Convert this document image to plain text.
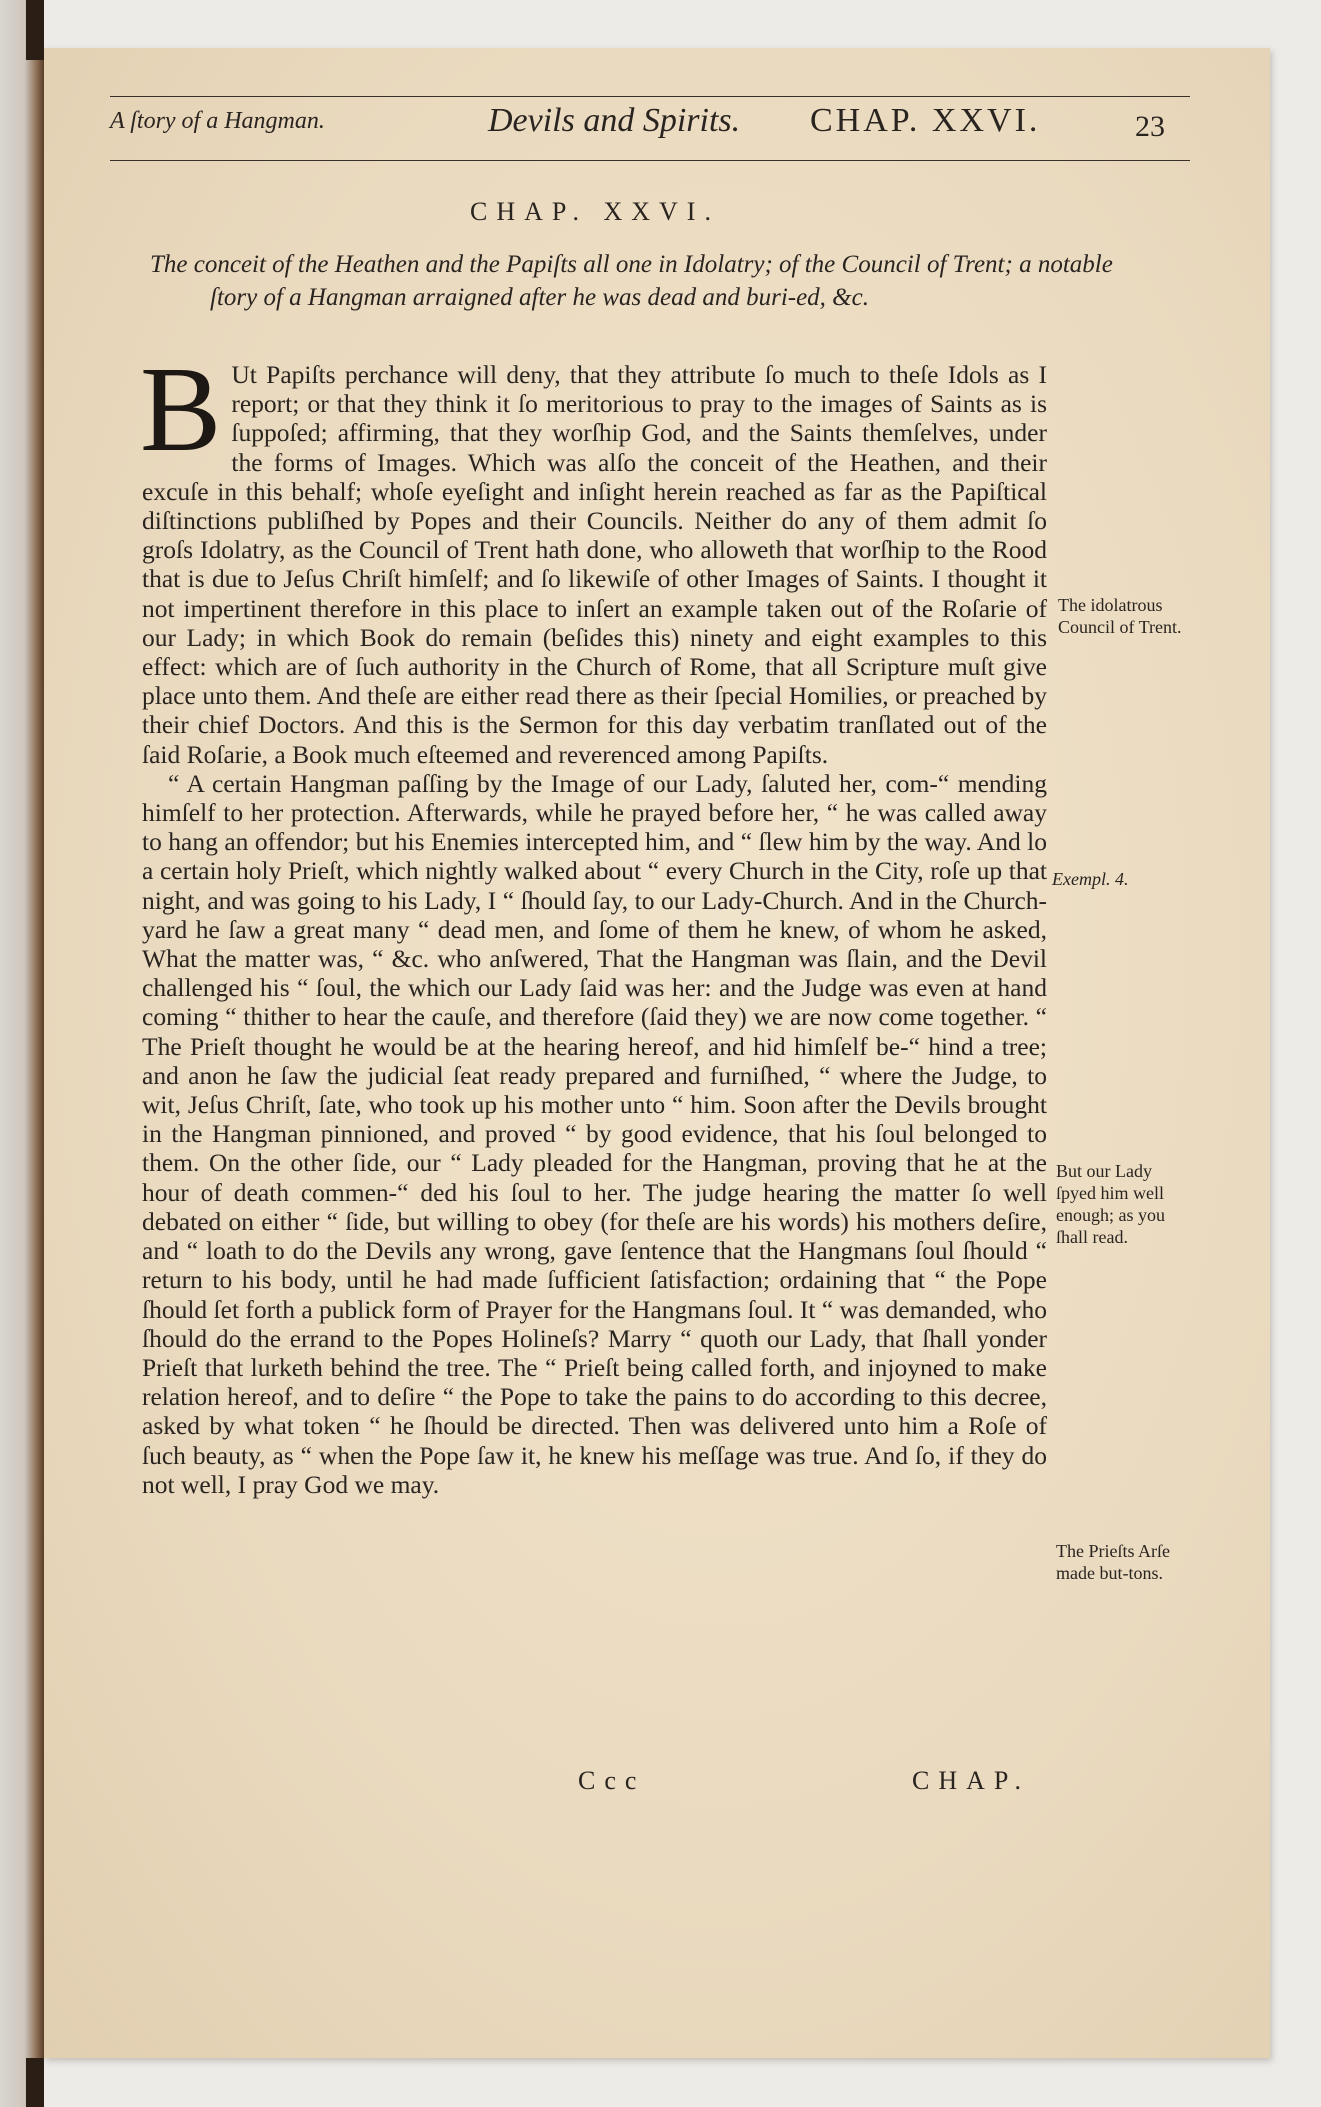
A ſtory of a Hangman.	Devils and Spirits. CHAP. XXVI.	23
CHAP. XXVI.
The conceit of the Heathen and the Papiſts all one in Idolatry; of the Council of Trent; a notable ſtory of a Hangman arraigned after he was dead and buri-ed, &c.
B Ut Papiſts perchance will deny, that they attribute ſo much to theſe Idols as I report; or that they think it ſo meritorious to pray to the images of Saints as is ſuppoſed; affirming, that they worſhip God, and the Saints themſelves, under the forms of Images. Which was alſo the conceit of the Heathen, and their excuſe in this behalf; whoſe eyeſight and inſight herein reached as far as the Papiſtical diſtinctions publiſhed by Popes and their Councils. Neither do any of them admit ſo groſs Idolatry, as the Council of Trent hath done, who alloweth that worſhip to the Rood that is due to Jeſus Chriſt himſelf; and ſo likewiſe of other Images of Saints. I thought it not impertinent therefore in this place to inſert an example taken out of the Roſarie of our Lady; in which Book do remain (beſides this) ninety and eight examples to this effect: which are of ſuch authority in the Church of Rome, that all Scripture muſt give place unto them. And theſe are either read there as their ſpecial Homilies, or preached by their chief Doctors. And this is the Sermon for this day verbatim tranſlated out of the ſaid Roſarie, a Book much eſteemed and reverenced among Papiſts.

“ A certain Hangman paſſing by the Image of our Lady, ſaluted her, com-“ mending himſelf to her protection. Afterwards, while he prayed before her, “ he was called away to hang an offendor; but his Enemies intercepted him, and “ ſlew him by the way. And lo a certain holy Prieſt, which nightly walked about “ every Church in the City, roſe up that night, and was going to his Lady, I “ ſhould ſay, to our Lady-Church. And in the Church-yard he ſaw a great many “ dead men, and ſome of them he knew, of whom he asked, What the matter was, “ &c. who anſwered, That the Hangman was ſlain, and the Devil challenged his “ ſoul, the which our Lady ſaid was her: and the Judge was even at hand coming “ thither to hear the cauſe, and therefore (ſaid they) we are now come together. “ The Prieſt thought he would be at the hearing hereof, and hid himſelf be-“ hind a tree; and anon he ſaw the judicial ſeat ready prepared and furniſhed, “ where the Judge, to wit, Jeſus Chriſt, ſate, who took up his mother unto “ him. Soon after the Devils brought in the Hangman pinnioned, and proved “ by good evidence, that his ſoul belonged to them. On the other ſide, our “ Lady pleaded for the Hangman, proving that he at the hour of death commen-“ ded his ſoul to her. The judge hearing the matter ſo well debated on either “ ſide, but willing to obey (for theſe are his words) his mothers deſire, and “ loath to do the Devils any wrong, gave ſentence that the Hangmans ſoul ſhould “ return to his body, until he had made ſufficient ſatisfaction; ordaining that “ the Pope ſhould ſet forth a publick form of Prayer for the Hangmans ſoul. It “ was demanded, who ſhould do the errand to the Popes Holineſs? Marry “ quoth our Lady, that ſhall yonder Prieſt that lurketh behind the tree. The “ Prieſt being called forth, and injoyned to make relation hereof, and to deſire “ the Pope to take the pains to do according to this decree, asked by what token “ he ſhould be directed. Then was delivered unto him a Roſe of ſuch beauty, as “ when the Pope ſaw it, he knew his meſſage was true. And ſo, if they do not well, I pray God we may.

The idolatrous Council of Trent.
Exempl. 4.
But our Lady ſpyed him well enough; as you ſhall read.
The Prieſts Arſe made but-tons.
Ccc	CHAP.
